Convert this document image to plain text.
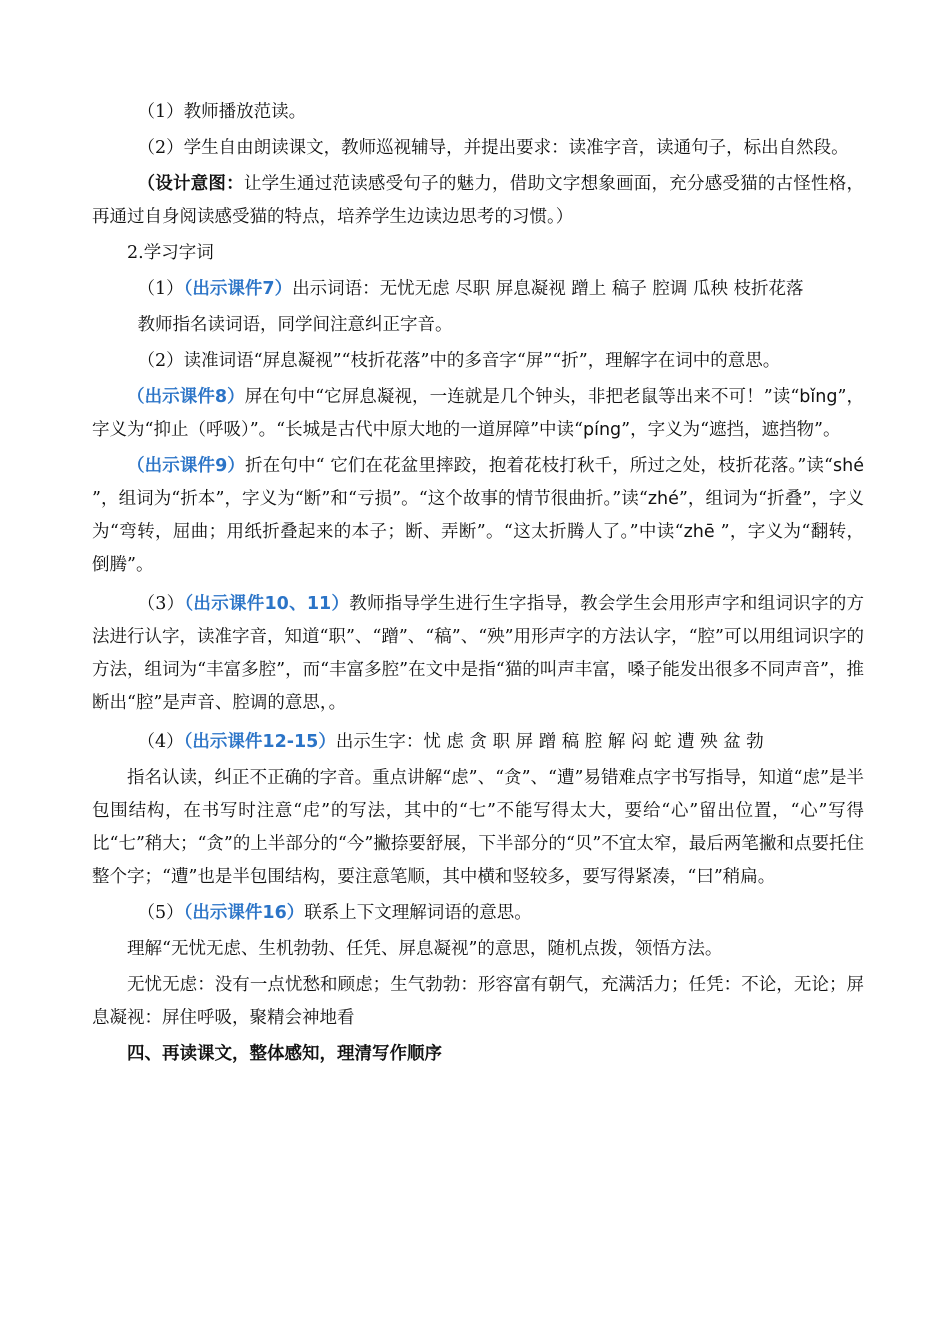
（1）教师播放范读。

（2）学生自由朗读课文，教师巡视辅导，并提出要求：读准字音，读通句子，标出自然段。

（设计意图：让学生通过范读感受句子的魅力，借助文字想象画面，充分感受猫的古怪性格，再通过自身阅读感受猫的特点，培养学生边读边思考的习惯。）

2.学习字词

（1）（出示课件7）出示词语：无忧无虑 尽职 屏息凝视 蹭上 稿子 腔调 瓜秧 枝折花落

教师指名读词语，同学间注意纠正字音。

（2）读准词语“屏息凝视”“枝折花落”中的多音字“屏”“折”，理解字在词中的意思。

（出示课件8）屏在句中“它屏息凝视，一连就是几个钟头，非把老鼠等出来不可！”读“bǐng”，字义为“抑止（呼吸）”。“长城是古代中原大地的一道屏障”中读“píng”，字义为“遮挡，遮挡物”。

（出示课件9）折在句中“ 它们在花盆里摔跤，抱着花枝打秋千，所过之处，枝折花落。”读“shé ”，组词为“折本”，字义为“断”和“亏损”。“这个故事的情节很曲折。”读“zhé”，组词为“折叠”，字义为“弯转，屈曲；用纸折叠起来的本子；断、弄断”。“这太折腾人了。”中读“zhē ”，字义为“翻转，倒腾”。

（3）（出示课件10、11）教师指导学生进行生字指导，教会学生会用形声字和组词识字的方法进行认字，读准字音，知道“职”、“蹭”、“稿”、“殃”用形声字的方法认字，“腔”可以用组词识字的方法，组词为“丰富多腔”，而“丰富多腔”在文中是指“猫的叫声丰富，嗓子能发出很多不同声音”，推断出“腔”是声音、腔调的意思，。

（4）（出示课件12-15）出示生字：忧 虑 贪 职 屏 蹭 稿 腔 解 闷 蛇 遭 殃 盆 勃

指名认读，纠正不正确的字音。重点讲解“虑”、“贪”、“遭”易错难点字书写指导，知道“虑”是半包围结构，在书写时注意“虍”的写法，其中的“七”不能写得太大，要给“心”留出位置，“心”写得比“七”稍大；“贪”的上半部分的“今”撇捺要舒展，下半部分的“贝”不宜太窄，最后两笔撇和点要托住整个字；“遭”也是半包围结构，要注意笔顺，其中横和竖较多，要写得紧凑，“曰”稍扁。

（5）（出示课件16）联系上下文理解词语的意思。

理解“无忧无虑、生机勃勃、任凭、屏息凝视”的意思，随机点拨，领悟方法。

无忧无虑：没有一点忧愁和顾虑；生气勃勃：形容富有朝气，充满活力；任凭：不论，无论；屏息凝视：屏住呼吸，聚精会神地看

四、再读课文，整体感知，理清写作顺序
